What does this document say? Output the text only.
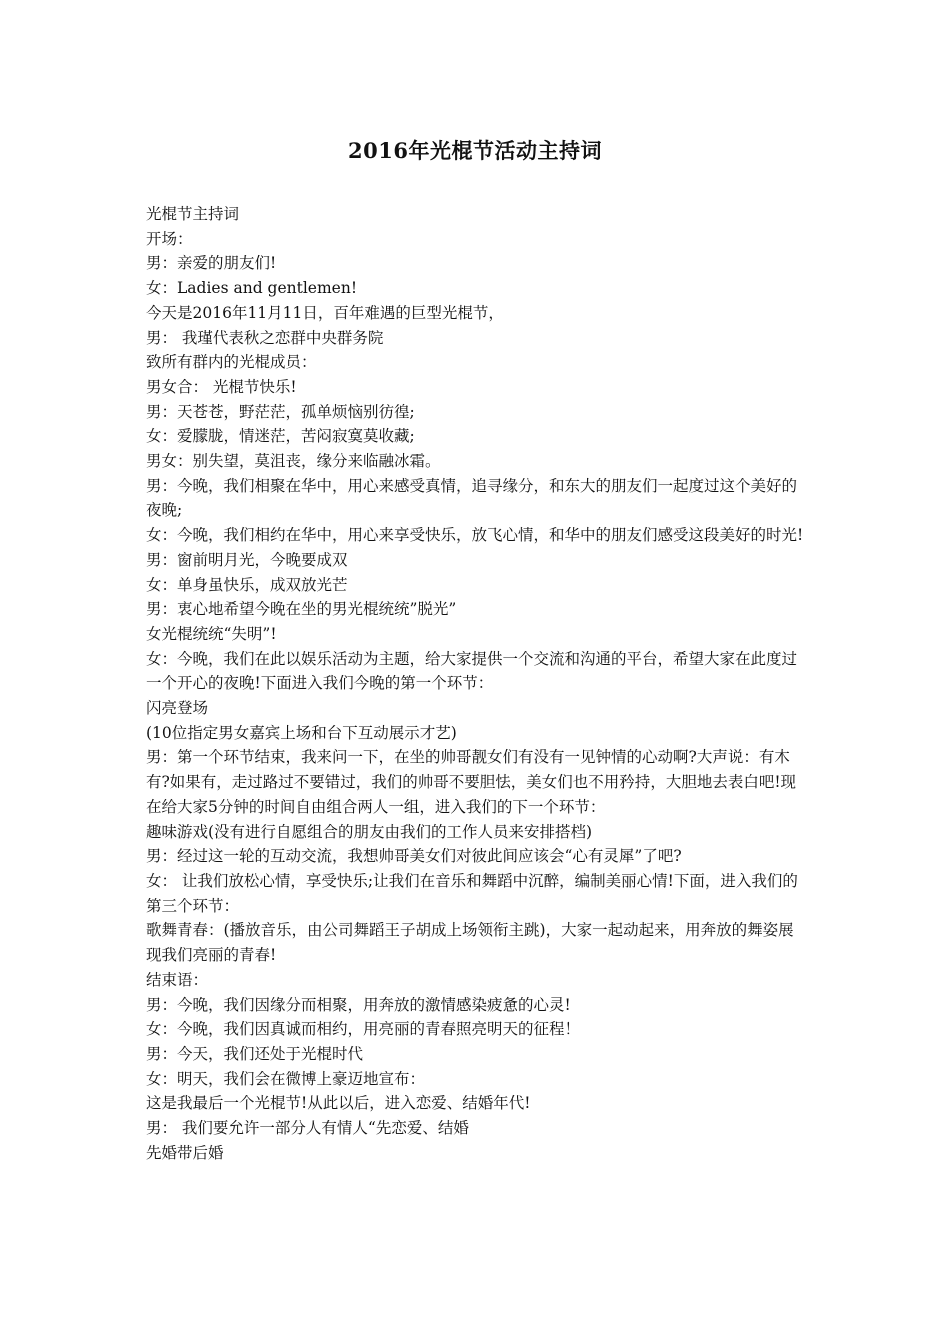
2016年光棍节活动主持词

光棍节主持词

开场：

男：亲爱的朋友们!

女：Ladies and gentlemen!

今天是2016年11月11日，百年难遇的巨型光棍节，

男： 我瑾代表秋之恋群中央群务院

致所有群内的光棍成员：

男女合： 光棍节快乐!

男：天苍苍，野茫茫，孤单烦恼别彷徨;

女：爱朦胧，情迷茫，苦闷寂寞莫收藏;

男女：别失望，莫沮丧，缘分来临融冰霜。

男：今晚，我们相聚在华中，用心来感受真情，追寻缘分，和东大的朋友们一起度过这个美好的夜晚;

女：今晚，我们相约在华中，用心来享受快乐，放飞心情，和华中的朋友们感受这段美好的时光!

男：窗前明月光，今晚要成双

女：单身虽快乐，成双放光芒

男：衷心地希望今晚在坐的男光棍统统”脱光”

女光棍统统“失明”!

女：今晚，我们在此以娱乐活动为主题，给大家提供一个交流和沟通的平台，希望大家在此度过一个开心的夜晚!下面进入我们今晚的第一个环节：

闪亮登场

(10位指定男女嘉宾上场和台下互动展示才艺)

男：第一个环节结束，我来问一下，在坐的帅哥靓女们有没有一见钟情的心动啊?大声说：有木有?如果有，走过路过不要错过，我们的帅哥不要胆怯，美女们也不用矜持，大胆地去表白吧!现在给大家5分钟的时间自由组合两人一组，进入我们的下一个环节：

趣味游戏(没有进行自愿组合的朋友由我们的工作人员来安排搭档)

男：经过这一轮的互动交流，我想帅哥美女们对彼此间应该会“心有灵犀”了吧?

女： 让我们放松心情，享受快乐;让我们在音乐和舞蹈中沉醉，编制美丽心情!下面，进入我们的第三个环节：

歌舞青春：(播放音乐，由公司舞蹈王子胡成上场领衔主跳)，大家一起动起来，用奔放的舞姿展现我们亮丽的青春!

结束语：

男：今晚，我们因缘分而相聚，用奔放的激情感染疲惫的心灵!

女：今晚，我们因真诚而相约，用亮丽的青春照亮明天的征程！

男：今天，我们还处于光棍时代

女：明天，我们会在微博上豪迈地宣布：

这是我最后一个光棍节!从此以后，进入恋爱、结婚年代!

男： 我们要允许一部分人有情人“先恋爱、结婚

先婚带后婚
